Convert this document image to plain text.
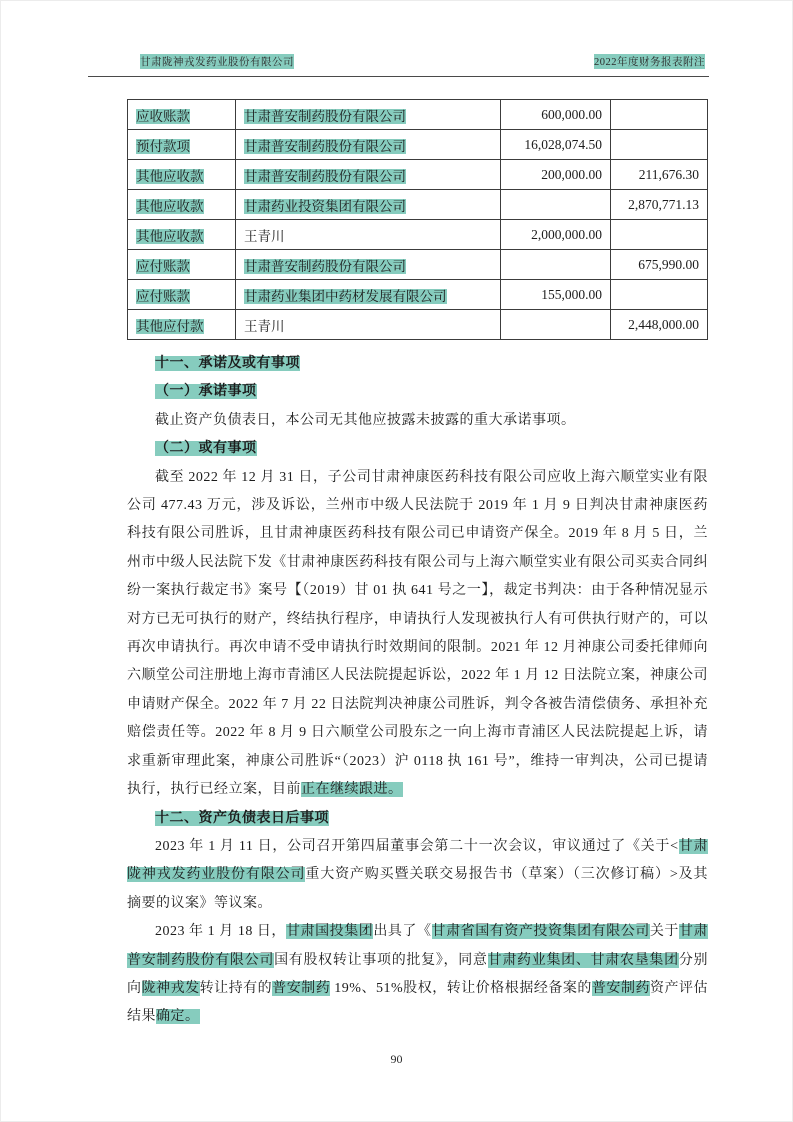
甘肃陇神戎发药业股份有限公司	2022年度财务报表附注
应收账款	甘肃普安制药股份有限公司	600,000.00	
预付款项	甘肃普安制药股份有限公司	16,028,074.50	
其他应收款	甘肃普安制药股份有限公司	200,000.00	211,676.30
其他应收款	甘肃药业投资集团有限公司		2,870,771.13
其他应收款	王青川	2,000,000.00	
应付账款	甘肃普安制药股份有限公司		675,990.00
应付账款	甘肃药业集团中药材发展有限公司	155,000.00	
其他应付款	王青川		2,448,000.00
十一、承诺及或有事项
（一）承诺事项
截止资产负债表日，本公司无其他应披露未披露的重大承诺事项。
（二）或有事项
截至 2022 年 12 月 31 日，子公司甘肃神康医药科技有限公司应收上海六顺堂实业有限公司 477.43 万元，涉及诉讼，兰州市中级人民法院于 2019 年 1 月 9 日判决甘肃神康医药科技有限公司胜诉，且甘肃神康医药科技有限公司已申请资产保全。2019 年 8 月 5 日，兰州市中级人民法院下发《甘肃神康医药科技有限公司与上海六顺堂实业有限公司买卖合同纠纷一案执行裁定书》案号【（2019）甘 01 执 641 号之一】，裁定书判决：由于各种情况显示对方已无可执行的财产，终结执行程序，申请执行人发现被执行人有可供执行财产的，可以再次申请执行。再次申请不受申请执行时效期间的限制。2021 年 12 月神康公司委托律师向六顺堂公司注册地上海市青浦区人民法院提起诉讼，2022 年 1 月 12 日法院立案，神康公司申请财产保全。2022 年 7 月 22 日法院判决神康公司胜诉，判令各被告清偿债务、承担补充赔偿责任等。2022 年 8 月 9 日六顺堂公司股东之一向上海市青浦区人民法院提起上诉，请求重新审理此案，神康公司胜诉“（2023）沪 0118 执 161 号”，维持一审判决，公司已提请执行，执行已经立案，目前正在继续跟进。
十二、资产负债表日后事项
2023 年 1 月 11 日，公司召开第四届董事会第二十一次会议，审议通过了《关于<甘肃陇神戎发药业股份有限公司重大资产购买暨关联交易报告书（草案）（三次修订稿）>及其摘要的议案》等议案。
2023 年 1 月 18 日，甘肃国投集团出具了《甘肃省国有资产投资集团有限公司关于甘肃普安制药股份有限公司国有股权转让事项的批复》，同意甘肃药业集团、甘肃农垦集团分别向陇神戎发转让持有的普安制药 19%、51%股权，转让价格根据经备案的普安制药资产评估结果确定。
90
